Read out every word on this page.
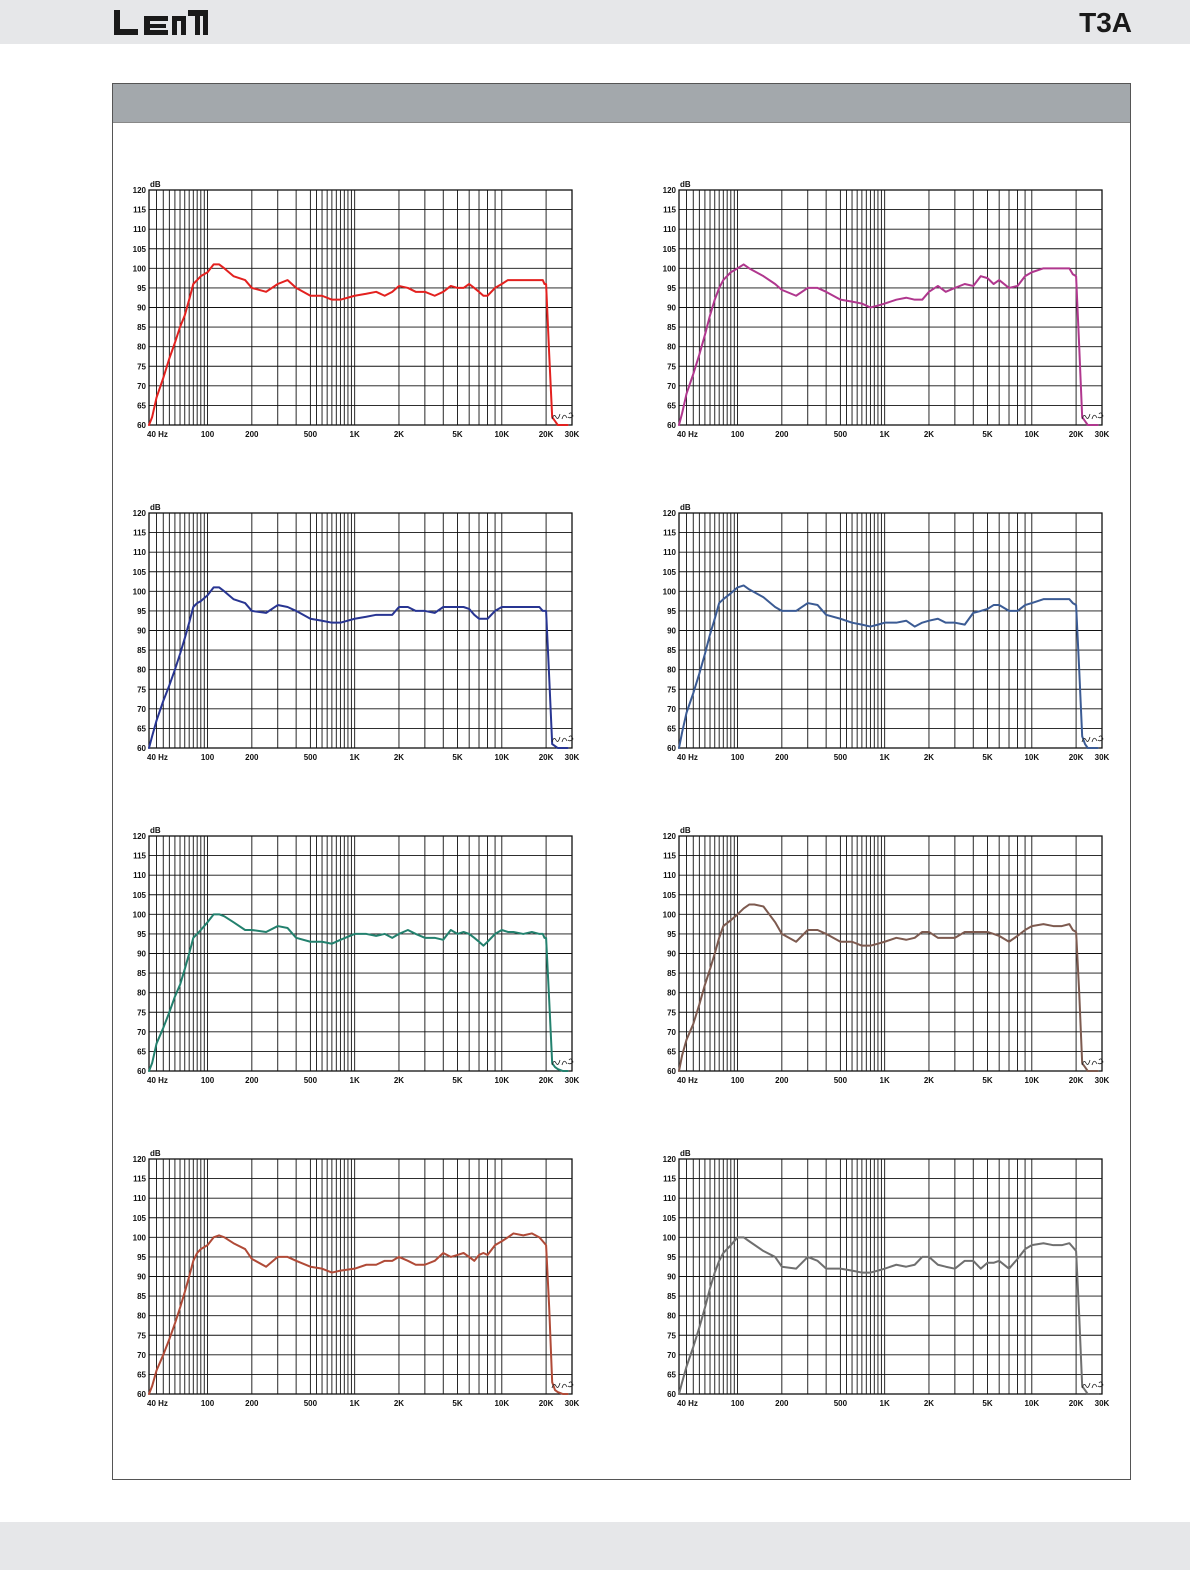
T3A
60
65
70
75
80
85
90
95
100
105
110
115
120
dB
40 Hz	100	200	500	1K	2K	5K	10K	20K 30K
60
65
70
75
80
85
90
95
100
105
110
115
120
dB
40 Hz	100	200	500	1K	2K	5K	10K	20K 30K
60
65
70
75
80
85
90
95
100
105
110
115
120
dB
40 Hz	100	200	500	1K	2K	5K	10K	20K 30K
60
65
70
75
80
85
90
95
100
105
110
115
120
dB
40 Hz	100	200	500	1K	2K	5K	10K	20K 30K
60
65
70
75
80
85
90
95
100
105
110
115
120
dB
40 Hz	100	200	500	1K	2K	5K	10K	20K 30K
60
65
70
75
80
85
90
95
100
105
110
115
120
dB
40 Hz	100	200	500	1K	2K	5K	10K	20K 30K
60
65
70
75
80
85
90
95
100
105
110
115
120
dB
40 Hz	100	200	500	1K	2K	5K	10K	20K 30K
60
65
70
75
80
85
90
95
100
105
110
115
120
dB
40 Hz	100	200	500	1K	2K	5K	10K	20K 30K
